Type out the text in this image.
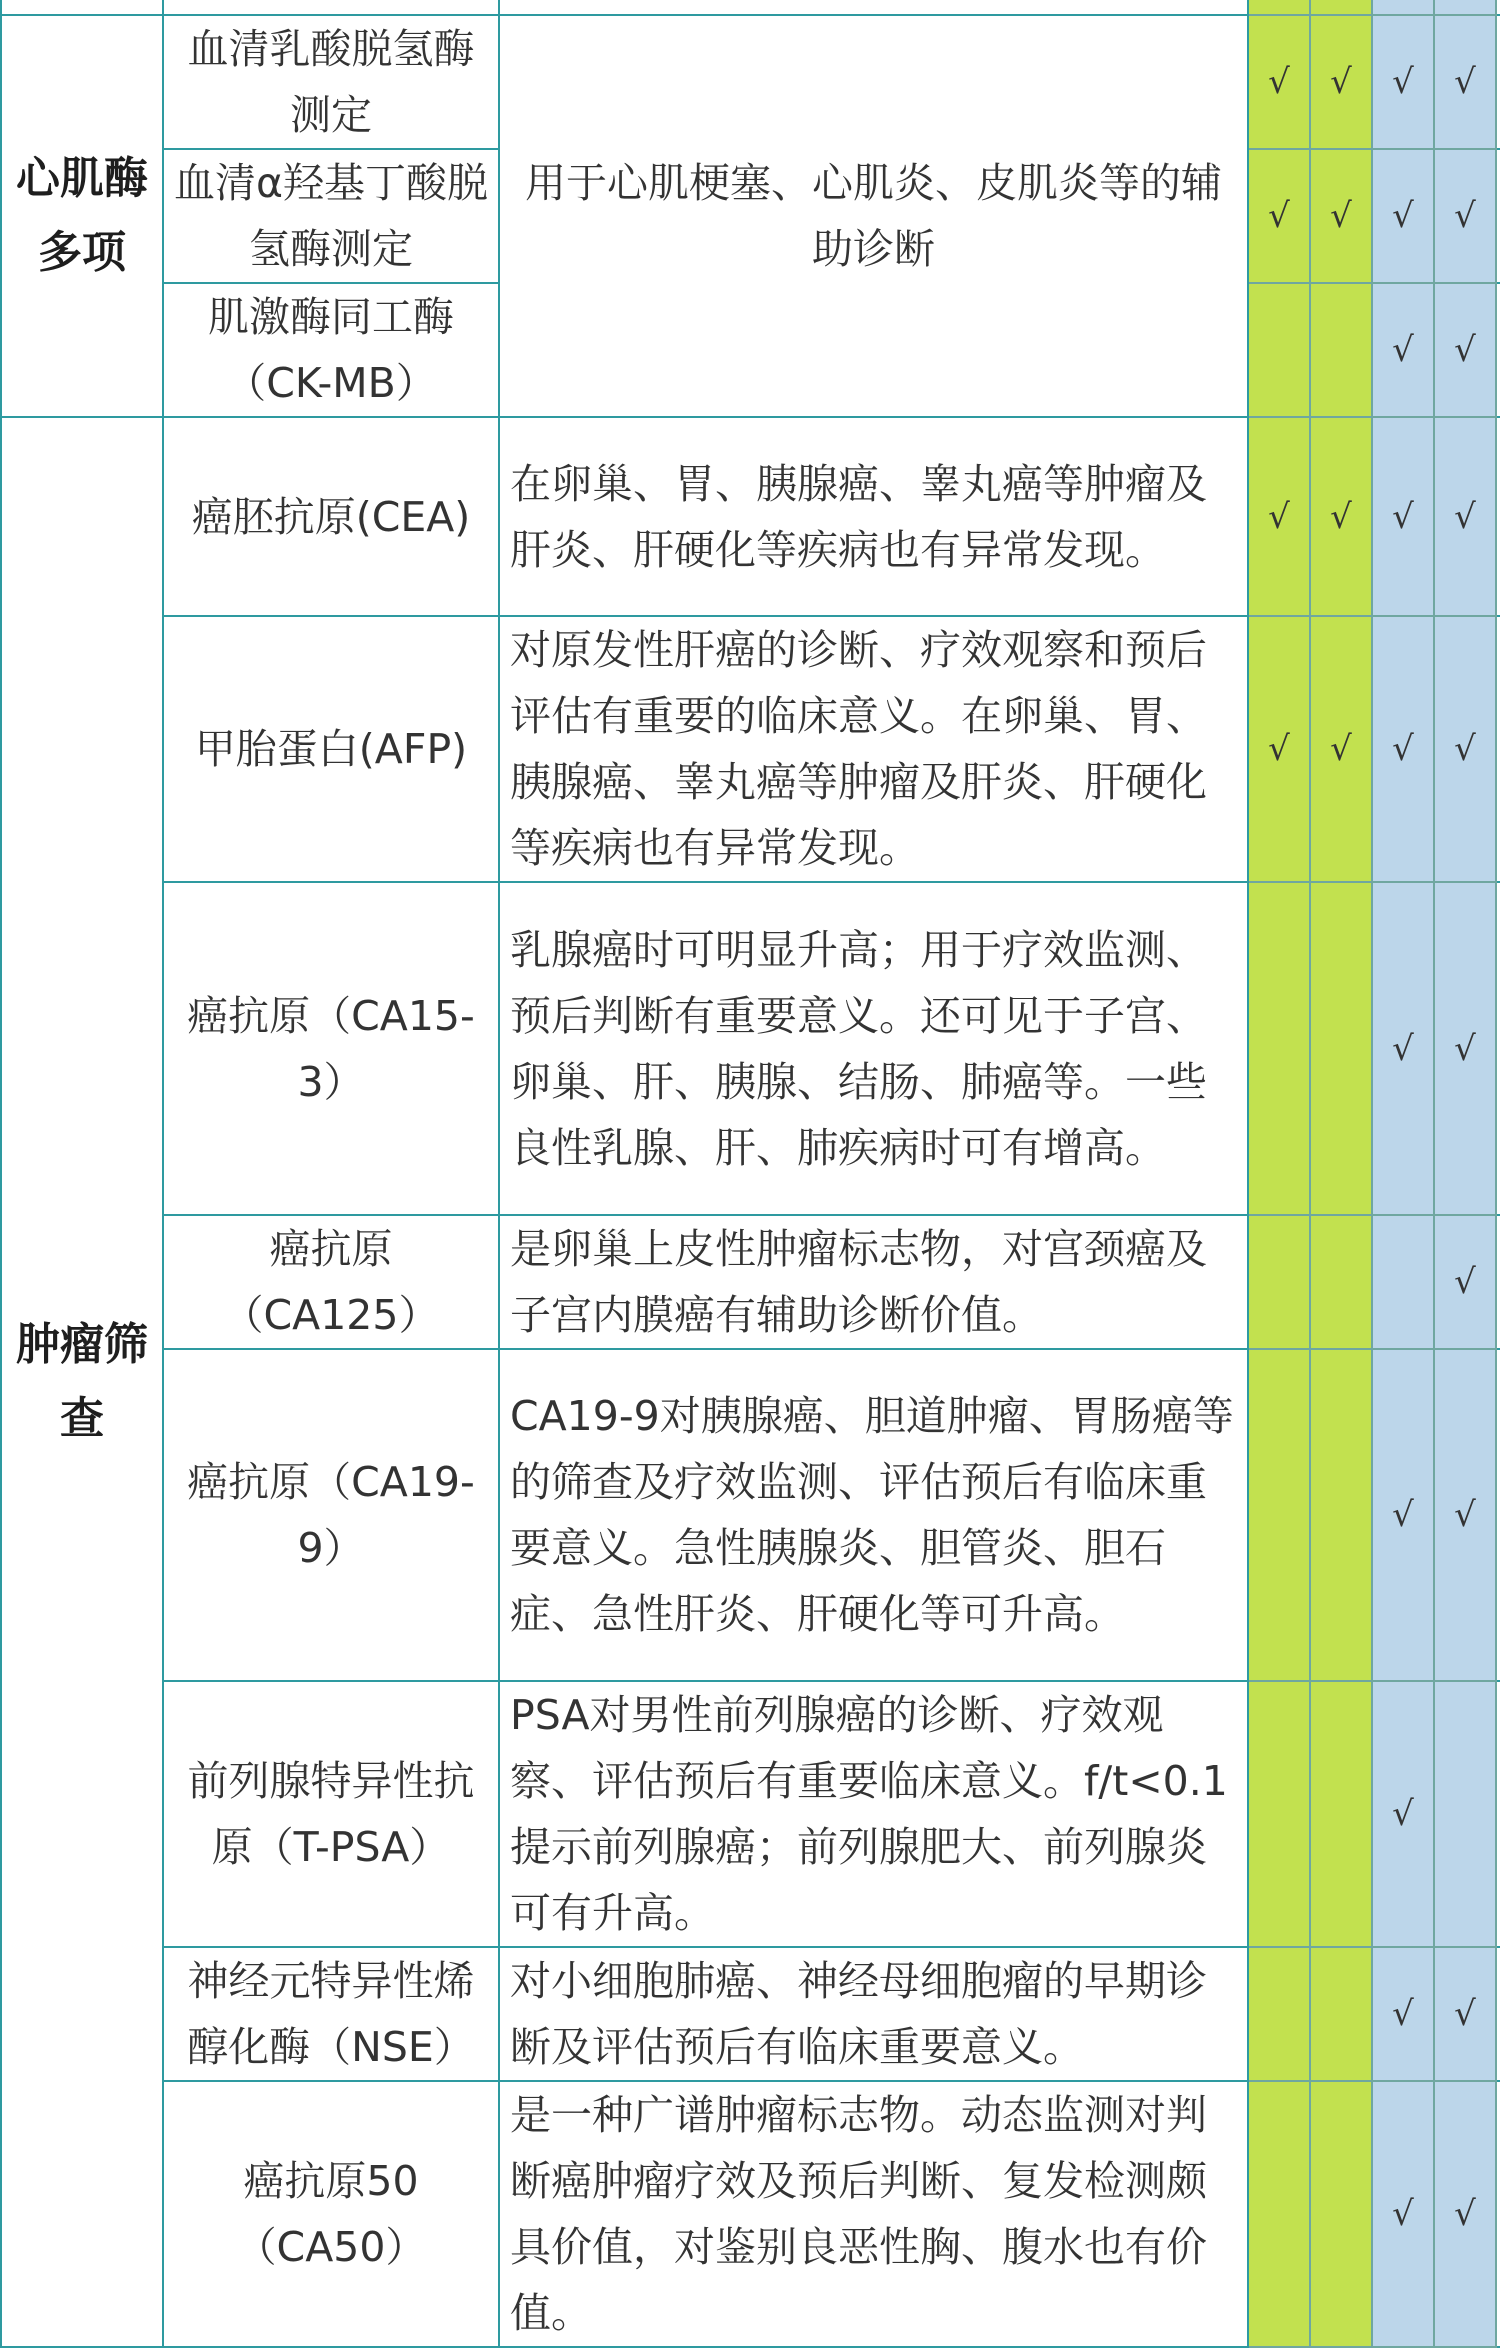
心肌酶多项	血清乳酸脱氢酶测定	用于心肌梗塞、心肌炎、皮肌炎等的辅助诊断	√	√	√	√	
	血清α羟基丁酸脱氢酶测定		√	√	√	√	
	肌激酶同工酶（CK-MB）				√	√	
肿瘤筛查	癌胚抗原(CEA)	在卵巢、胃、胰腺癌、睾丸癌等肿瘤及肝炎、肝硬化等疾病也有异常发现。	√	√	√	√	
	甲胎蛋白(AFP)	对原发性肝癌的诊断、疗效观察和预后评估有重要的临床意义。在卵巢、胃、胰腺癌、睾丸癌等肿瘤及肝炎、肝硬化等疾病也有异常发现。	√	√	√	√	
	癌抗原（CA15-3）	乳腺癌时可明显升高；用于疗效监测、预后判断有重要意义。还可见于子宫、卵巢、肝、胰腺、结肠、肺癌等。一些良性乳腺、肝、肺疾病时可有增高。			√	√	
	癌抗原（CA125）	是卵巢上皮性肿瘤标志物，对宫颈癌及子宫内膜癌有辅助诊断价值。				√	
	癌抗原（CA19-9）	CA19-9对胰腺癌、胆道肿瘤、胃肠癌等的筛查及疗效监测、评估预后有临床重要意义。急性胰腺炎、胆管炎、胆石症、急性肝炎、肝硬化等可升高。			√	√	
	前列腺特异性抗原（T-PSA）	PSA对男性前列腺癌的诊断、疗效观察、评估预后有重要临床意义。f/t<0.1提示前列腺癌；前列腺肥大、前列腺炎可有升高。			√		
	神经元特异性烯醇化酶（NSE）	对小细胞肺癌、神经母细胞瘤的早期诊断及评估预后有临床重要意义。			√	√	
	癌抗原50（CA50）	是一种广谱肿瘤标志物。动态监测对判断癌肿瘤疗效及预后判断、复发检测颇具价值，对鉴别良恶性胸、腹水也有价值。			√	√	
